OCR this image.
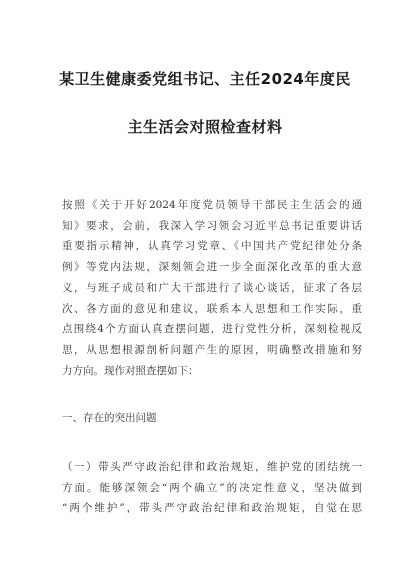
某卫生健康委党组书记、主任2024年度民
主生活会对照检查材料
按照《关于开好2024年度党员领导干部民主生活会的通
知》要求，会前，我深入学习领会习近平总书记重要讲话
重要指示精神，认真学习党章、《中国共产党纪律处分条
例》等党内法规，深刻领会进一步全面深化改革的重大意
义，与班子成员和广大干部进行了谈心谈话，征求了各层
次、各方面的意见和建议，联系本人思想和工作实际，重
点围绕4个方面认真查摆问题，进行党性分析，深刻检视反
思，从思想根源剖析问题产生的原因，明确整改措施和努
力方向。现作对照查摆如下：
一、存在的突出问题
（一）带头严守政治纪律和政治规矩，维护党的团结统一
方面。能够深领会“两个确立”的决定性意义，坚决做到
“两个维护”，带头严守政治纪律和政治规矩，自觉在思
